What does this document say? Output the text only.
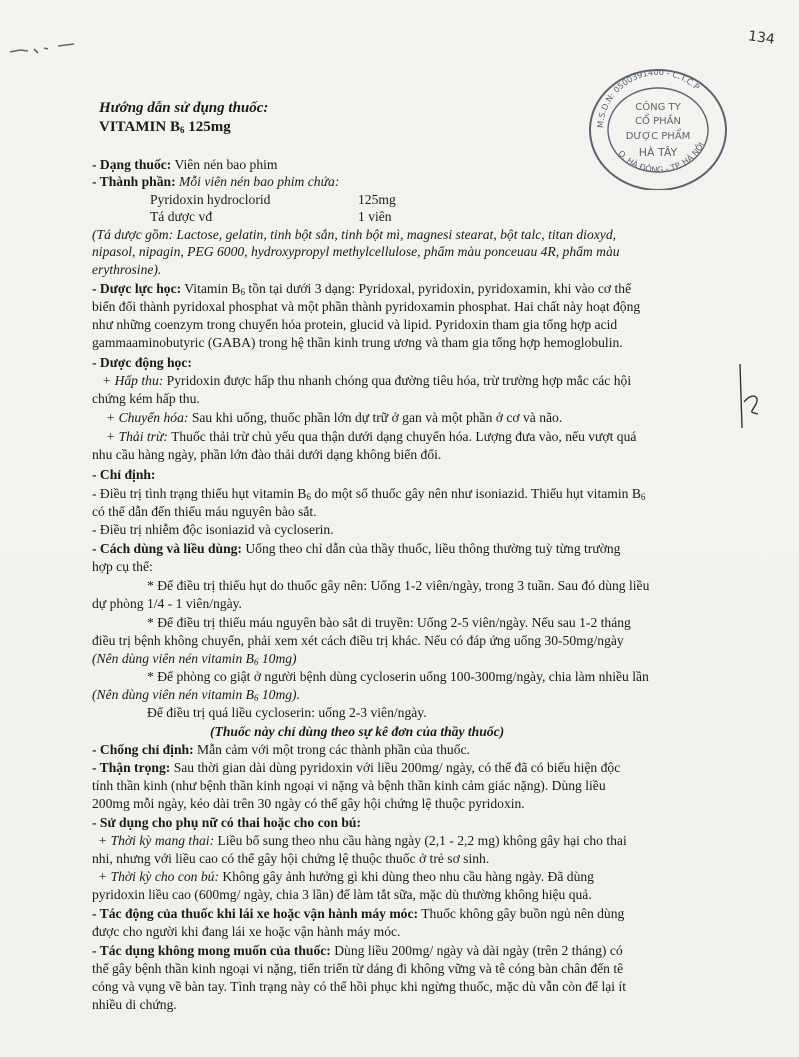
134
M.S.D.N: 0500391400 - C.T.C.P
Q. HÀ ĐÔNG - TP. HÀ NỘI
CÔNG TY
CỔ PHẦN
DƯỢC PHẨM
HÀ TÂY
Hướng dẫn sử dụng thuốc:
VITAMIN $B_6$ 125mg
- Dạng thuốc: Viên nén bao phim
- Thành phần: Mỗi viên nén bao phim chứa:
Pyridoxin hydroclorid	125mg
Tá dược vđ	1 viên
(Tá dược gồm: Lactose, gelatin, tinh bột sắn, tinh bột mì, magnesi stearat, bột talc, titan dioxyd,
nipasol, nipagin, PEG 6000, hydroxypropyl methylcellulose, phẩm màu ponceuau 4R, phẩm màu
erythrosine).
- Dược lực học: Vitamin $B_6$ tồn tại dưới 3 dạng: Pyridoxal, pyridoxin, pyridoxamin, khi vào cơ thể
biến đổi thành pyridoxal phosphat và một phần thành pyridoxamin phosphat. Hai chất này hoạt động
như những coenzym trong chuyển hóa protein, glucid và lipid. Pyridoxin tham gia tổng hợp acid
gammaaminobutyric (GABA) trong hệ thần kinh trung ương và tham gia tổng hợp hemoglobulin.
- Dược động học:
+ Hấp thu: Pyridoxin được hấp thu nhanh chóng qua đường tiêu hóa, trừ trường hợp mắc các hội
chứng kém hấp thu.
+ Chuyển hóa: Sau khi uống, thuốc phần lớn dự trữ ở gan và một phần ở cơ và não.
+ Thải trừ: Thuốc thải trừ chủ yếu qua thận dưới dạng chuyển hóa. Lượng đưa vào, nếu vượt quá
nhu cầu hàng ngày, phần lớn đào thải dưới dạng không biến đổi.
- Chỉ định:
- Điều trị tình trạng thiếu hụt vitamin $B_6$ do một số thuốc gây nên như isoniazid. Thiếu hụt vitamin $B_6$
có thể dẫn đến thiếu máu nguyên bào sắt.
- Điều trị nhiễm độc isoniazid và cycloserin.
- Cách dùng và liều dùng: Uống theo chỉ dẫn của thầy thuốc, liều thông thường tuỳ từng trường
hợp cụ thể:
* Để điều trị thiếu hụt do thuốc gây nên: Uống 1-2 viên/ngày, trong 3 tuần. Sau đó dùng liều
dự phòng 1/4 - 1 viên/ngày.
* Để điều trị thiếu máu nguyên bào sắt di truyền: Uống 2-5 viên/ngày. Nếu sau 1-2 tháng
điều trị bệnh không chuyển, phải xem xét cách điều trị khác. Nếu có đáp ứng uống 30-50mg/ngày
(Nên dùng viên nén vitamin $B_6$ 10mg)
* Để phòng co giật ở người bệnh dùng cycloserin uống 100-300mg/ngày, chia làm nhiều lần
(Nên dùng viên nén vitamin $B_6$ 10mg).
Để điều trị quá liều cycloserin: uống 2-3 viên/ngày.
(Thuốc này chỉ dùng theo sự kê đơn của thầy thuốc)
- Chống chỉ định: Mẫn cảm với một trong các thành phần của thuốc.
- Thận trọng: Sau thời gian dài dùng pyridoxin với liều 200mg/ ngày, có thể đã có biểu hiện độc
tính thần kinh (như bệnh thần kinh ngoại vi nặng và bệnh thần kinh cảm giác nặng). Dùng liều
200mg mỗi ngày, kéo dài trên 30 ngày có thể gây hội chứng lệ thuộc pyridoxin.
- Sử dụng cho phụ nữ có thai hoặc cho con bú:
+ Thời kỳ mang thai: Liều bổ sung theo nhu cầu hàng ngày (2,1 - 2,2 mg) không gây hại cho thai
nhi, nhưng với liều cao có thể gây hội chứng lệ thuộc thuốc ở trẻ sơ sinh.
+ Thời kỳ cho con bú: Không gây ảnh hưởng gì khi dùng theo nhu cầu hàng ngày. Đã dùng
pyridoxin liều cao (600mg/ ngày, chia 3 lần) để làm tắt sữa, mặc dù thường không hiệu quả.
- Tác động của thuốc khi lái xe hoặc vận hành máy móc: Thuốc không gây buồn ngủ nên dùng
được cho người khi đang lái xe hoặc vận hành máy móc.
- Tác dụng không mong muốn của thuốc: Dùng liều 200mg/ ngày và dài ngày (trên 2 tháng) có
thể gây bệnh thần kinh ngoại vi nặng, tiến triển từ dáng đi không vững và tê cóng bàn chân đến tê
cóng và vụng về bàn tay. Tình trạng này có thể hồi phục khi ngừng thuốc, mặc dù vẫn còn để lại ít
nhiều di chứng.
